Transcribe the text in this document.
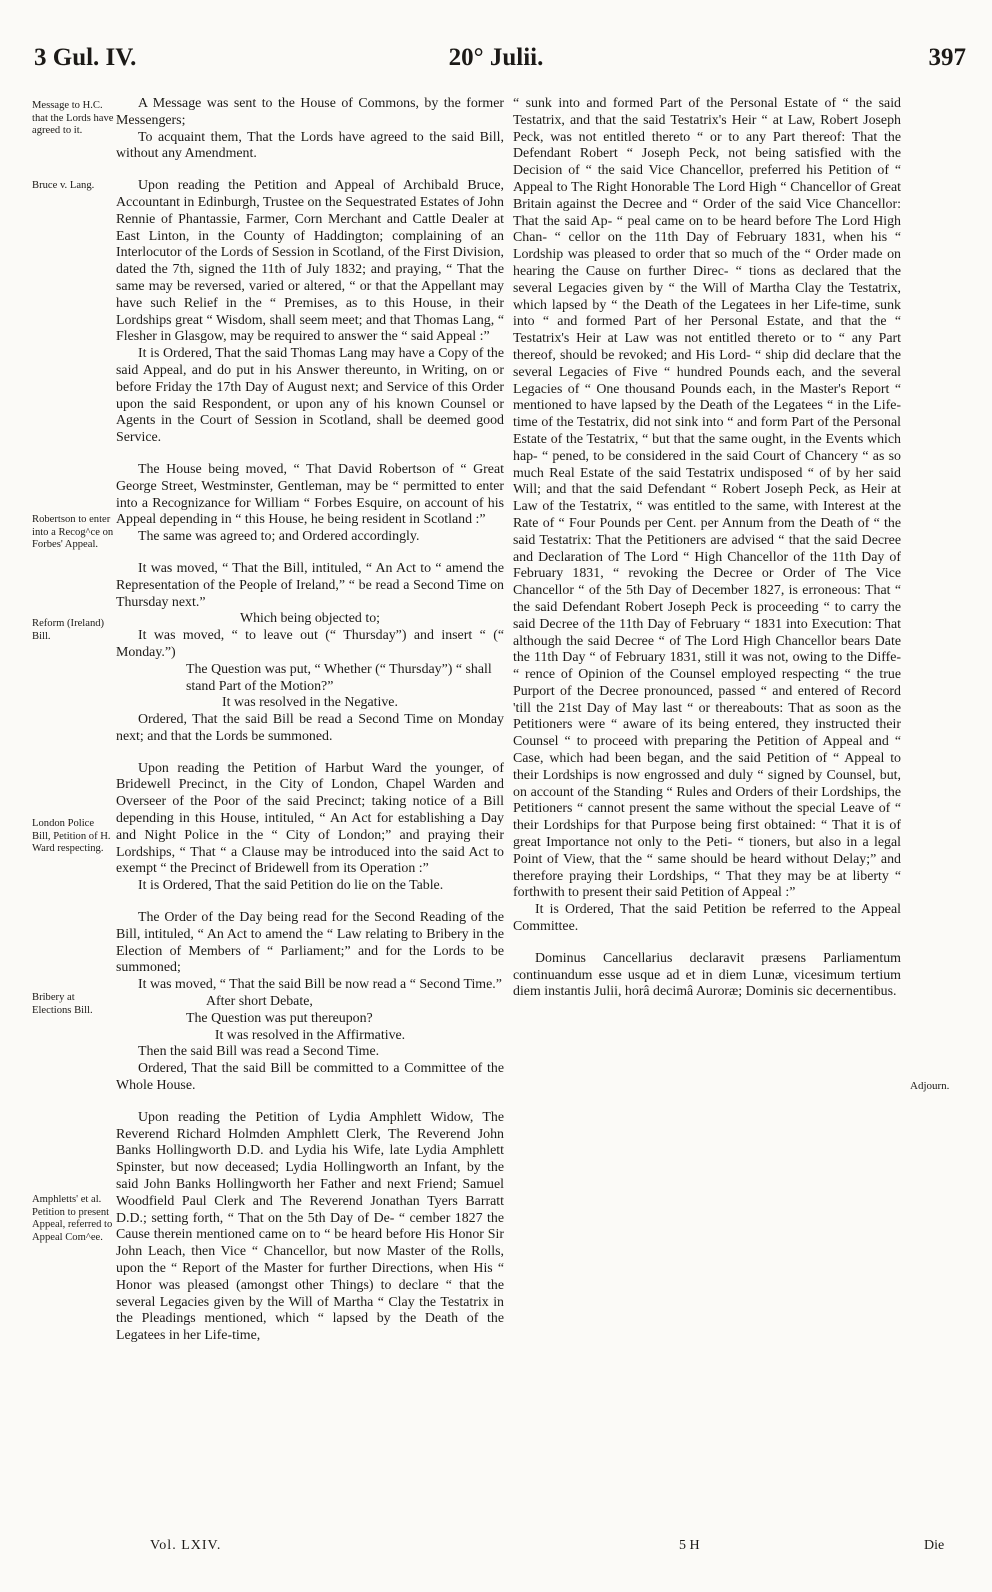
3 Gul. IV.	20° Julii.	397
Message to H.C. that the Lords have agreed to it.
Bruce v. Lang.
Robertson to enter into a Recog^ce on Forbes' Appeal.
Reform (Ireland) Bill.
London Police Bill, Petition of H. Ward respecting.
Bribery at Elections Bill.
Amphletts' et al. Petition to present Appeal, referred to Appeal Com^ee.

A Message was sent to the House of Commons, by the former Messengers;

To acquaint them, That the Lords have agreed to the said Bill, without any Amendment.

Upon reading the Petition and Appeal of Archibald Bruce, Accountant in Edinburgh, Trustee on the Sequestrated Estates of John Rennie of Phantassie, Farmer, Corn Merchant and Cattle Dealer at East Linton, in the County of Haddington; complaining of an Interlocutor of the Lords of Session in Scotland, of the First Division, dated the 7th, signed the 11th of July 1832; and praying, “ That the same may be reversed, varied or altered, “ or that the Appellant may have such Relief in the “ Premises, as to this House, in their Lordships great “ Wisdom, shall seem meet; and that Thomas Lang, “ Flesher in Glasgow, may be required to answer the “ said Appeal :”

It is Ordered, That the said Thomas Lang may have a Copy of the said Appeal, and do put in his Answer thereunto, in Writing, on or before Friday the 17th Day of August next; and Service of this Order upon the said Respondent, or upon any of his known Counsel or Agents in the Court of Session in Scotland, shall be deemed good Service.

The House being moved, “ That David Robertson of “ Great George Street, Westminster, Gentleman, may be “ permitted to enter into a Recognizance for William “ Forbes Esquire, on account of his Appeal depending in “ this House, he being resident in Scotland :”

The same was agreed to; and Ordered accordingly.

It was moved, “ That the Bill, intituled, “ An Act to “ amend the Representation of the People of Ireland,” “ be read a Second Time on Thursday next.”

Which being objected to;

It was moved, “ to leave out (“ Thursday”) and insert “ (“ Monday.”)

The Question was put, “ Whether (“ Thursday”) “ shall stand Part of the Motion?”

It was resolved in the Negative.

Ordered, That the said Bill be read a Second Time on Monday next; and that the Lords be summoned.

Upon reading the Petition of Harbut Ward the younger, of Bridewell Precinct, in the City of London, Chapel Warden and Overseer of the Poor of the said Precinct; taking notice of a Bill depending in this House, intituled, “ An Act for establishing a Day and Night Police in the “ City of London;” and praying their Lordships, “ That “ a Clause may be introduced into the said Act to exempt “ the Precinct of Bridewell from its Operation :”

It is Ordered, That the said Petition do lie on the Table.

The Order of the Day being read for the Second Reading of the Bill, intituled, “ An Act to amend the “ Law relating to Bribery in the Election of Members of “ Parliament;” and for the Lords to be summoned;

It was moved, “ That the said Bill be now read a “ Second Time.”

After short Debate,

The Question was put thereupon?

It was resolved in the Affirmative.

Then the said Bill was read a Second Time.

Ordered, That the said Bill be committed to a Committee of the Whole House.

Upon reading the Petition of Lydia Amphlett Widow, The Reverend Richard Holmden Amphlett Clerk, The Reverend John Banks Hollingworth D.D. and Lydia his Wife, late Lydia Amphlett Spinster, but now deceased; Lydia Hollingworth an Infant, by the said John Banks Hollingworth her Father and next Friend; Samuel Woodfield Paul Clerk and The Reverend Jonathan Tyers Barratt D.D.; setting forth, “ That on the 5th Day of De- “ cember 1827 the Cause therein mentioned came on to “ be heard before His Honor Sir John Leach, then Vice “ Chancellor, but now Master of the Rolls, upon the “ Report of the Master for further Directions, when His “ Honor was pleased (amongst other Things) to declare “ that the several Legacies given by the Will of Martha “ Clay the Testatrix in the Pleadings mentioned, which “ lapsed by the Death of the Legatees in her Life-time,

“ sunk into and formed Part of the Personal Estate of “ the said Testatrix, and that the said Testatrix's Heir “ at Law, Robert Joseph Peck, was not entitled thereto “ or to any Part thereof: That the Defendant Robert “ Joseph Peck, not being satisfied with the Decision of “ the said Vice Chancellor, preferred his Petition of “ Appeal to The Right Honorable The Lord High “ Chancellor of Great Britain against the Decree and “ Order of the said Vice Chancellor: That the said Ap- “ peal came on to be heard before The Lord High Chan- “ cellor on the 11th Day of February 1831, when his “ Lordship was pleased to order that so much of the “ Order made on hearing the Cause on further Direc- “ tions as declared that the several Legacies given by “ the Will of Martha Clay the Testatrix, which lapsed by “ the Death of the Legatees in her Life-time, sunk into “ and formed Part of her Personal Estate, and that the “ Testatrix's Heir at Law was not entitled thereto or to “ any Part thereof, should be revoked; and His Lord- “ ship did declare that the several Legacies of Five “ hundred Pounds each, and the several Legacies of “ One thousand Pounds each, in the Master's Report “ mentioned to have lapsed by the Death of the Legatees “ in the Life-time of the Testatrix, did not sink into “ and form Part of the Personal Estate of the Testatrix, “ but that the same ought, in the Events which hap- “ pened, to be considered in the said Court of Chancery “ as so much Real Estate of the said Testatrix undisposed “ of by her said Will; and that the said Defendant “ Robert Joseph Peck, as Heir at Law of the Testatrix, “ was entitled to the same, with Interest at the Rate of “ Four Pounds per Cent. per Annum from the Death of “ the said Testatrix: That the Petitioners are advised “ that the said Decree and Declaration of The Lord “ High Chancellor of the 11th Day of February 1831, “ revoking the Decree or Order of The Vice Chancellor “ of the 5th Day of December 1827, is erroneous: That “ the said Defendant Robert Joseph Peck is proceeding “ to carry the said Decree of the 11th Day of February “ 1831 into Execution: That although the said Decree “ of The Lord High Chancellor bears Date the 11th Day “ of February 1831, still it was not, owing to the Diffe- “ rence of Opinion of the Counsel employed respecting “ the true Purport of the Decree pronounced, passed “ and entered of Record 'till the 21st Day of May last “ or thereabouts: That as soon as the Petitioners were “ aware of its being entered, they instructed their Counsel “ to proceed with preparing the Petition of Appeal and “ Case, which had been began, and the said Petition of “ Appeal to their Lordships is now engrossed and duly “ signed by Counsel, but, on account of the Standing “ Rules and Orders of their Lordships, the Petitioners “ cannot present the same without the special Leave of “ their Lordships for that Purpose being first obtained: “ That it is of great Importance not only to the Peti- “ tioners, but also in a legal Point of View, that the “ same should be heard without Delay;” and therefore praying their Lordships, “ That they may be at liberty “ forthwith to present their said Petition of Appeal :”

It is Ordered, That the said Petition be referred to the Appeal Committee.

Dominus Cancellarius declaravit præsens Parliamentum continuandum esse usque ad et in diem Lunæ, vicesimum tertium diem instantis Julii, horâ decimâ Auroræ; Dominis sic decernentibus.

Adjourn.
Vol. LXIV.	5 H	Die
